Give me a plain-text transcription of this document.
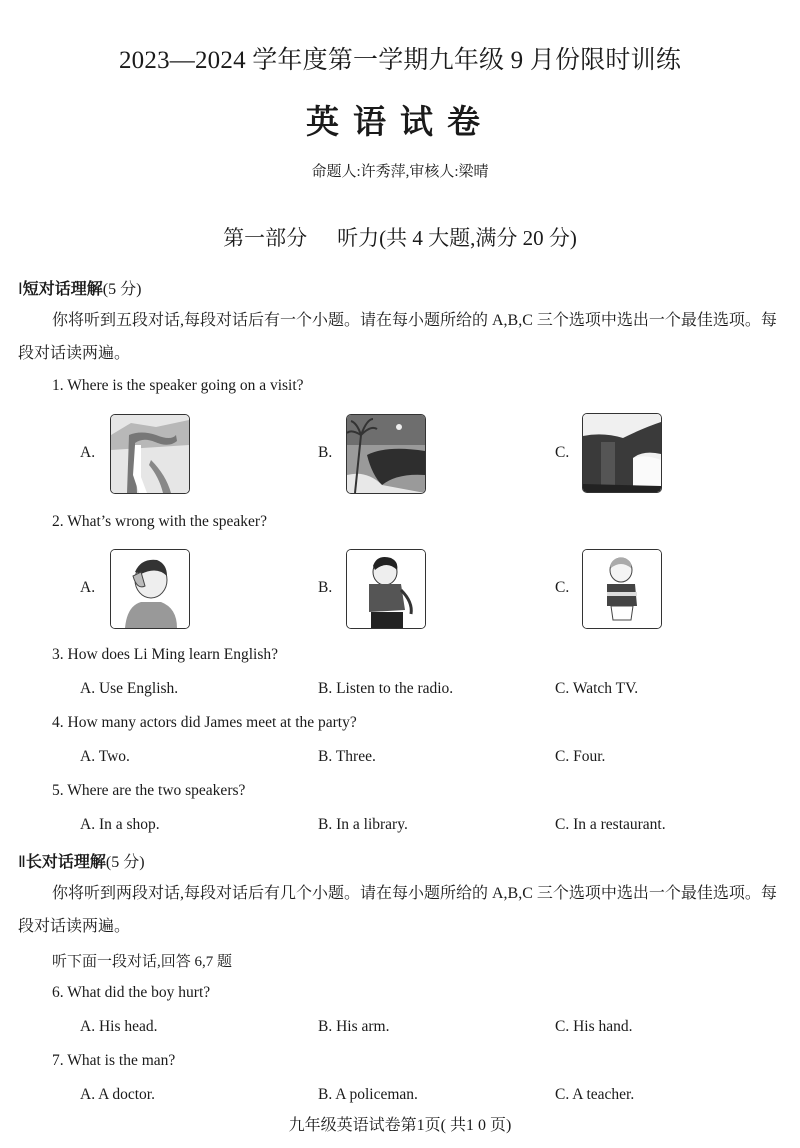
2023—2024 学年度第一学期九年级 9 月份限时训练
英语试卷
命题人:许秀萍,审核人:梁晴
第一部分 听力(共 4 大题,满分 20 分)
Ⅰ短对话理解(5 分)
你将听到五段对话,每段对话后有一个小题。请在每小题所给的 A,B,C 三个选项中选出一个最佳选项。每段对话读两遍。
1. Where is the speaker going on a visit?
A.	B.	C.
2. What’s wrong with the speaker?
A.	B.	C.
3. How does Li Ming learn English?
A. Use English.	B. Listen to the radio.	C. Watch TV.
4. How many actors did James meet at the party?
A. Two.	B. Three.	C. Four.
5. Where are the two speakers?
A. In a shop.	B. In a library.	C. In a restaurant.
Ⅱ长对话理解(5 分)
你将听到两段对话,每段对话后有几个小题。请在每小题所给的 A,B,C 三个选项中选出一个最佳选项。每段对话读两遍。
听下面一段对话,回答 6,7 题
6. What did the boy hurt?
A. His head.	B. His arm.	C. His hand.
7. What is the man?
A. A doctor.	B. A policeman.	C. A teacher.
九年级英语试卷第1页( 共1 0 页)
